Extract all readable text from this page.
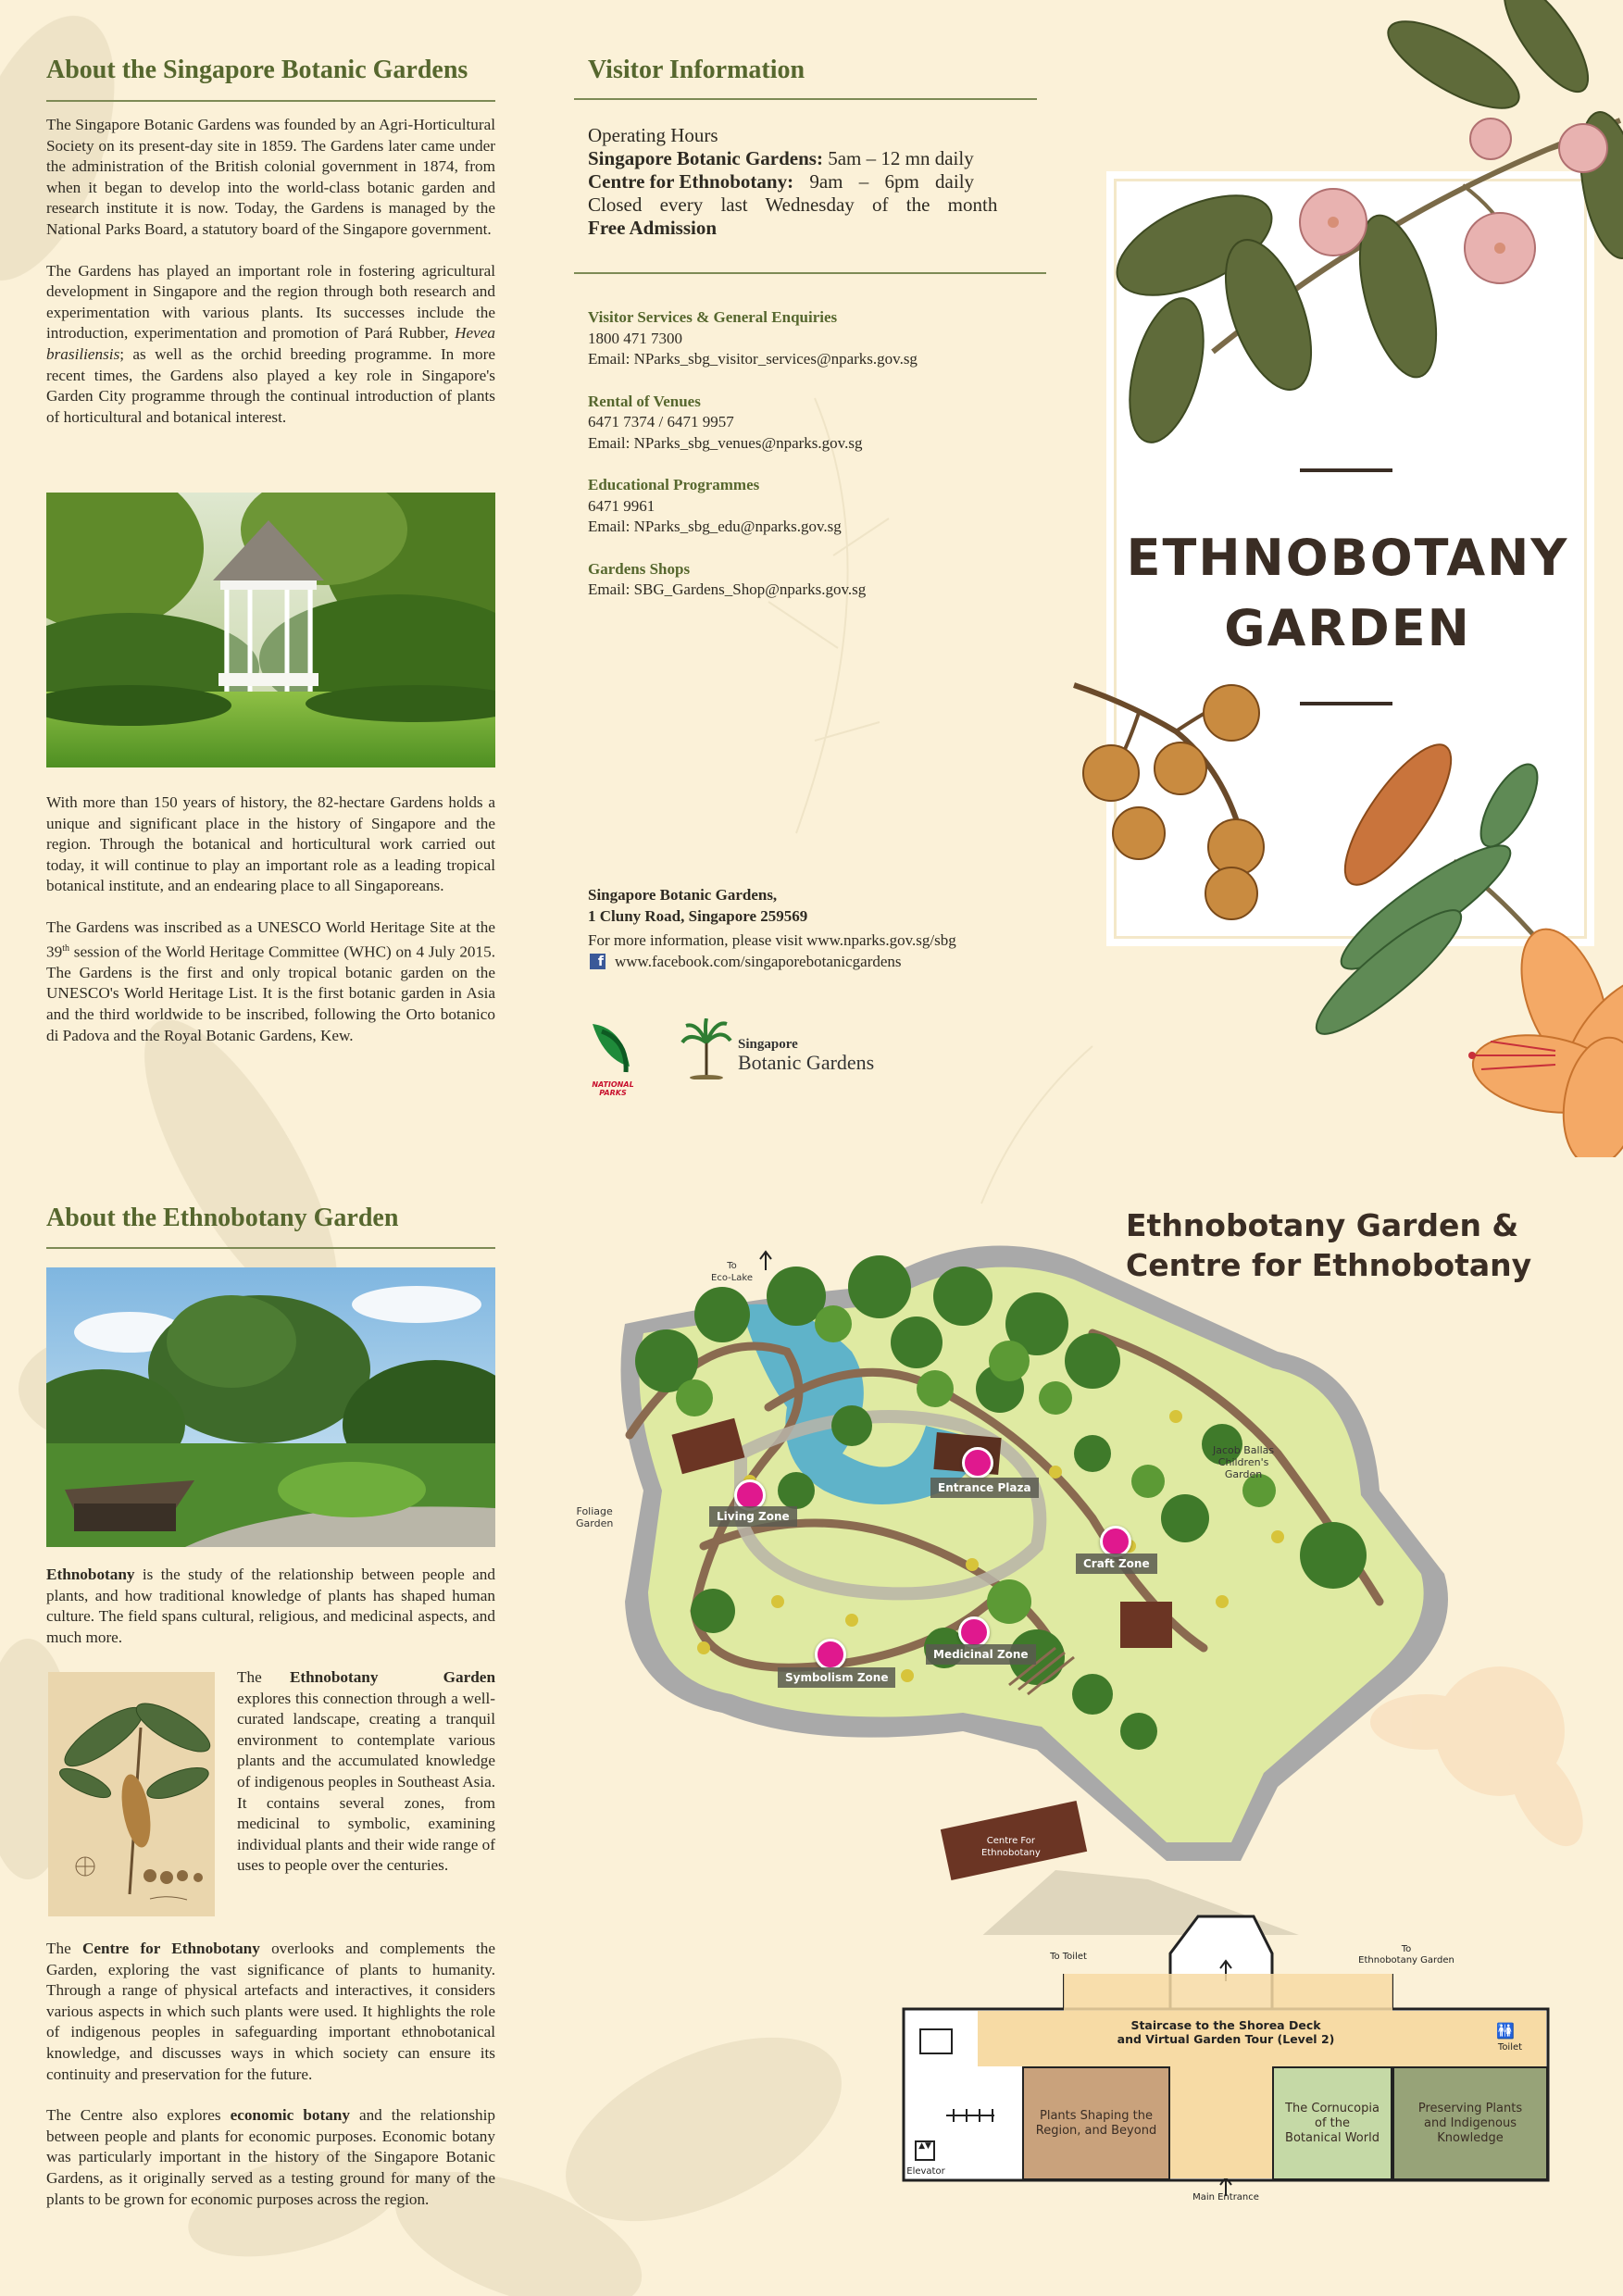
About the Singapore Botanic Gardens

The Singapore Botanic Gardens was founded by an Agri-Horticultural Society on its present-day site in 1859. The Gardens later came under the administration of the British colonial government in 1874, from when it began to develop into the world-class botanic garden and research institute it is now. Today, the Gardens is managed by the National Parks Board, a statutory board of the Singapore government.

The Gardens has played an important role in fostering agricultural development in Singapore and the region through both research and experimentation with various plants. Its successes include the introduction, experimentation and promotion of Pará Rubber, Hevea brasiliensis; as well as the orchid breeding programme. In more recent times, the Gardens also played a key role in Singapore's Garden City programme through the continual introduction of plants of horticultural and botanical interest.

With more than 150 years of history, the 82-hectare Gardens holds a unique and significant place in the history of Singapore and the region. Through the botanical and horticultural work carried out today, it will continue to play an important role as a leading tropical botanical institute, and an endearing place to all Singaporeans.

The Gardens was inscribed as a UNESCO World Heritage Site at the 39th session of the World Heritage Committee (WHC) on 4 July 2015. The Gardens is the first and only tropical botanic garden on the UNESCO's World Heritage List. It is the first botanic garden in Asia and the third worldwide to be inscribed, following the Orto botanico di Padova and the Royal Botanic Gardens, Kew.

Visitor Information
Operating Hours
Singapore Botanic Gardens: 5am – 12 mn daily
Centre for Ethnobotany: 9am – 6pm daily
Closed every last Wednesday of the month
Free Admission
Visitor Services & General Enquiries
1800 471 7300
Email: NParks_sbg_visitor_services@nparks.gov.sg
Rental of Venues
6471 7374 / 6471 9957
Email: NParks_sbg_venues@nparks.gov.sg
Educational Programmes
6471 9961
Email: NParks_sbg_edu@nparks.gov.sg
Gardens Shops
Email: SBG_Gardens_Shop@nparks.gov.sg
Singapore Botanic Gardens,
1 Cluny Road, Singapore 259569
For more information, please visit www.nparks.gov.sg/sbg
f www.facebook.com/singaporebotanicgardens
NATIONAL
PARKS
Singapore
Botanic Gardens
ETHNOBOTANY
GARDEN
About the Ethnobotany Garden

Ethnobotany is the study of the relationship between people and plants, and how traditional knowledge of plants has shaped human culture. The field spans cultural, religious, and medicinal aspects, and much more.

The Ethnobotany Garden explores this connection through a well-curated landscape, creating a tranquil environment to contemplate various plants and the accumulated knowledge of indigenous peoples in Southeast Asia. It contains several zones, from medicinal to symbolic, examining individual plants and their wide range of uses to people over the centuries.

The Centre for Ethnobotany overlooks and complements the Garden, exploring the vast significance of plants to humanity. Through a range of physical artefacts and interactives, it considers various aspects in which such plants were used. It highlights the role of indigenous peoples in safeguarding important ethnobotanical knowledge, and discusses ways in which society can ensure its continuity and preservation for the future.

The Centre also explores economic botany and the relationship between people and plants for economic purposes. Economic botany was particularly important in the history of the Singapore Botanic Gardens, as it originally served as a testing ground for many of the plants to be grown for economic purposes across the region.

Ethnobotany Garden &
Centre for Ethnobotany
To
Eco-Lake
Foliage
Garden
Jacob Ballas
Children's
Garden
Entrance Plaza
Living Zone
Craft Zone
Medicinal Zone
Symbolism Zone
Centre For
Ethnobotany
Staircase to the Shorea Deck
and Virtual Garden Tour (Level 2)
Plants Shaping the
Region, and Beyond
The Cornucopia
of the
Botanical World
Preserving Plants
and Indigenous
Knowledge
To Toilet
To
Ethnobotany Garden
🚻
Toilet
▲▼
Elevator
Main Entrance
